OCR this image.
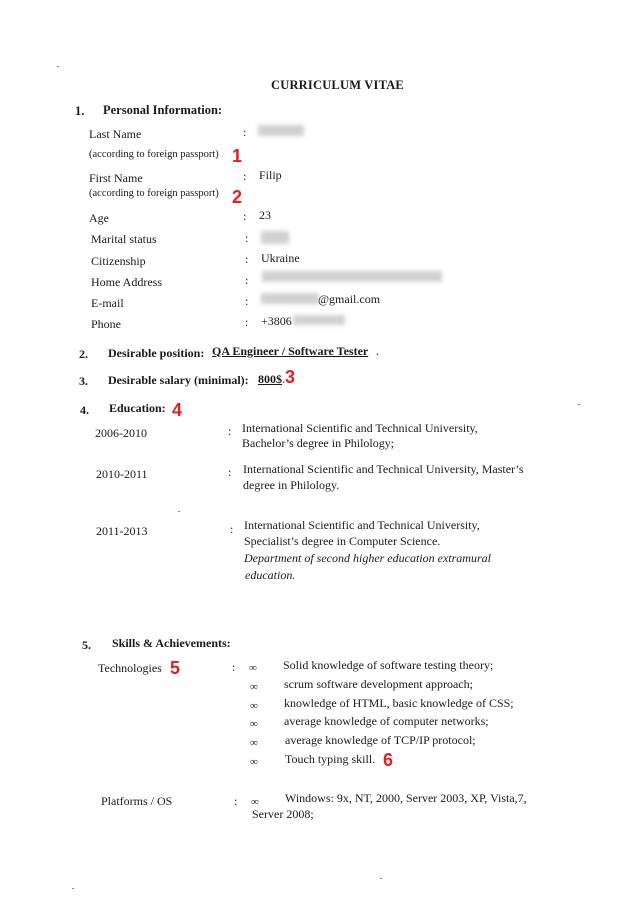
CURRICULUM VITAE
1. Personal Information:
Last Name	:
(according to foreign passport) 1
First Name	: Filip
(according to foreign passport) 2
Age	: 23
Marital status	:
Citizenship	: Ukraine
Home Address	:
E-mail	:	@gmail.com
Phone	: +3806
2. Desirable position: QA Engineer / Software Tester .
3. Desirable salary (minimal): 800$ . 3
4. Education: 4
2006-2010	: International Scientific and Technical University,
Bachelor’s degree in Philology;
2010-2011	: International Scientific and Technical University, Master’s
degree in Philology.
2011-2013	: International Scientific and Technical University,
Specialist’s degree in Computer Science.
Department of second higher education extramural
education.
5. Skills & Achievements:
Technologies 5	: ∞ Solid knowledge of software testing theory;
∞ scrum software development approach;
∞ knowledge of HTML, basic knowledge of CSS;
∞ average knowledge of computer networks;
∞ average knowledge of TCP/IP protocol;
∞ Touch typing skill. 6
Platforms / OS	: ∞ Windows: 9x, NT, 2000, Server 2003, XP, Vista,7,
Server 2008;
